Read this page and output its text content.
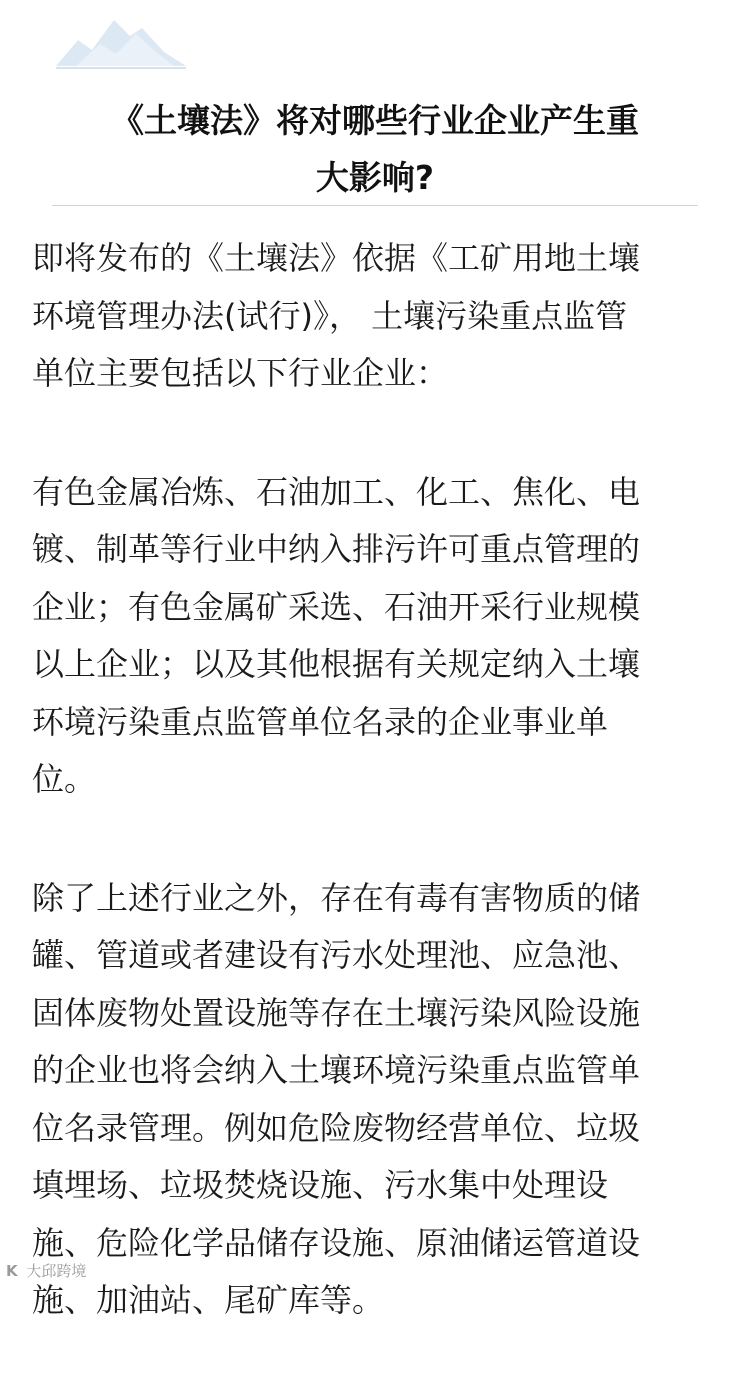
《土壤法》将对哪些行业企业产生重
大影响?

即将发布的《土壤法》依据《工矿用地土壤
环境管理办法(试行)》， 土壤污染重点监管
单位主要包括以下行业企业：

有色金属冶炼、石油加工、化工、焦化、电
镀、制革等行业中纳入排污许可重点管理的
企业；有色金属矿采选、石油开采行业规模
以上企业；以及其他根据有关规定纳入土壤
环境污染重点监管单位名录的企业事业单
位。

除了上述行业之外，存在有毒有害物质的储
罐、管道或者建设有污水处理池、应急池、
固体废物处置设施等存在土壤污染风险设施
的企业也将会纳入土壤环境污染重点监管单
位名录管理。例如危险废物经营单位、垃圾
填埋场、垃圾焚烧设施、污水集中处理设
施、危险化学品储存设施、原油储运管道设
施、加油站、尾矿库等。

K 大邱跨境
